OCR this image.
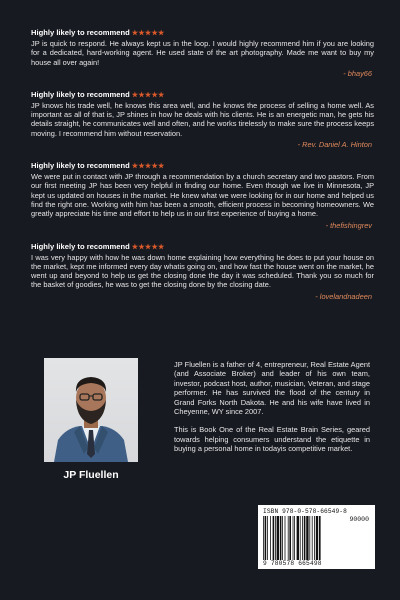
Highly likely to recommend ★★★★★

JP is quick to respond. He always kept us in the loop. I would highly recommend him if you are looking for a dedicated, hard-working agent. He used state of the art photography. Made me want to buy my house all over again!

- bhay66

Highly likely to recommend ★★★★★

JP knows his trade well, he knows this area well, and he knows the process of selling a home well. As important as all of that is, JP shines in how he deals with his clients. He is an energetic man, he gets his details straight, he communicates well and often, and he works tirelessly to make sure the process keeps moving. I recommend him without reservation.

- Rev. Daniel A. Hinton

Highly likely to recommend ★★★★★

We were put in contact with JP through a recommendation by a church secretary and two pastors. From our first meeting JP has been very helpful in finding our home. Even though we live in Minnesota, JP kept us updated on houses in the market. He knew what we were looking for in our home and helped us find the right one. Working with him has been a smooth, efficient process in becoming homeowners. We greatly appreciate his time and effort to help us in our first experience of buying a home.

- thefishingrev

Highly likely to recommend ★★★★★

I was very happy with how he was down home explaining how everything he does to put your house on the market, kept me informed every day whatis going on, and how fast the house went on the market, he went up and beyond to help us get the closing done the day it was scheduled. Thank you so much for the basket of goodies, he was to get the closing done by the closing date.

- lovelandnadeen

JP Fluellen

JP Fluellen is a father of 4, entrepreneur, Real Estate Agent (and Associate Broker) and leader of his own team, investor, podcast host, author, musician, Veteran, and stage performer. He has survived the flood of the century in Grand Forks North Dakota. He and his wife have lived in Cheyenne, WY since 2007.

This is Book One of the Real Estate Brain Series, geared towards helping consumers understand the etiquette in buying a personal home in todayis competitive market.

ISBN 978-0-578-66549-8
90000
9 780578 665498
